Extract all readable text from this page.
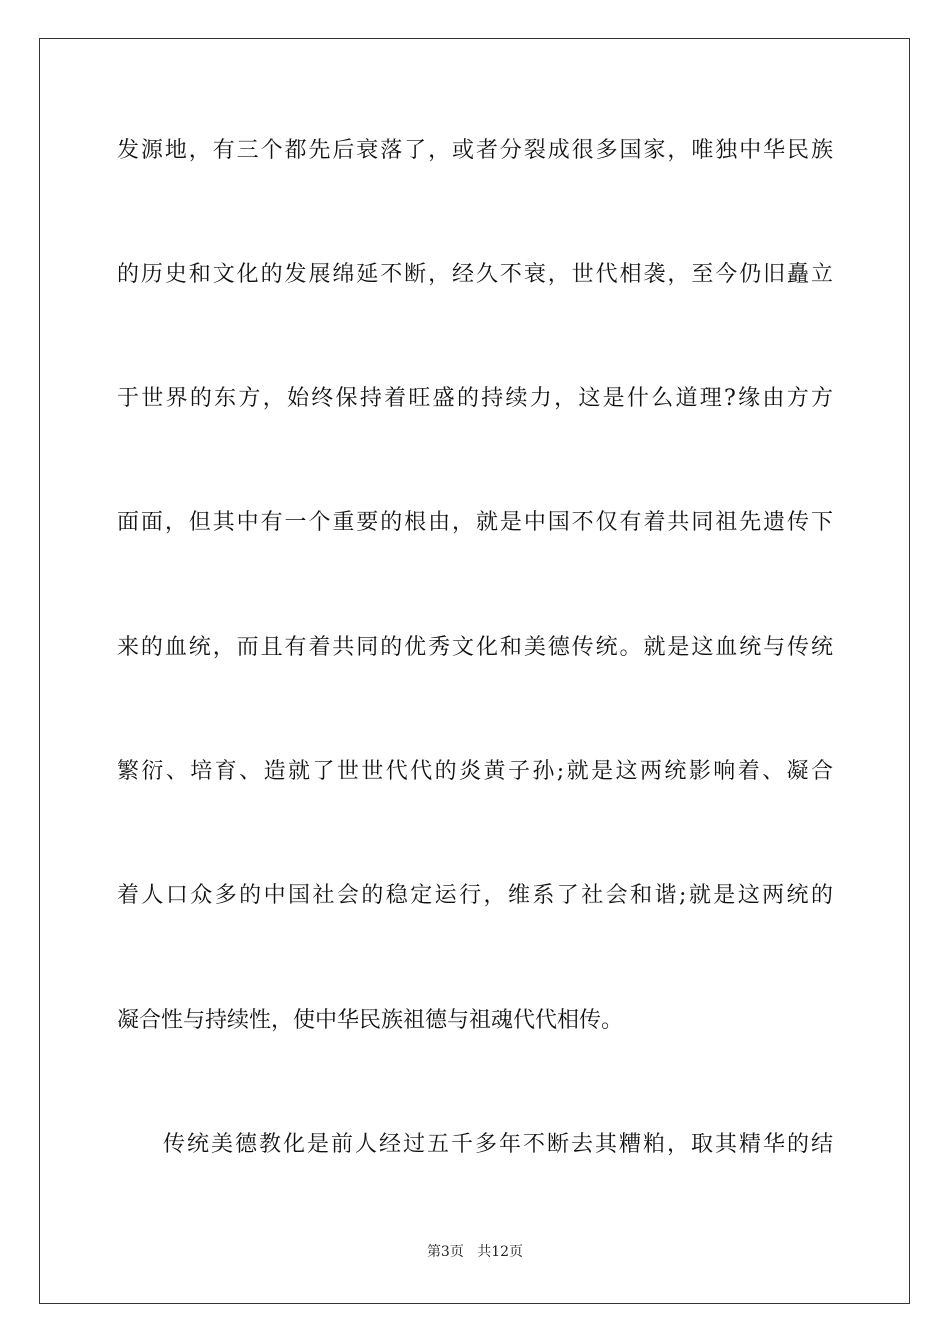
发源地，有三个都先后衰落了，或者分裂成很多国家，唯独中华民族
的历史和文化的发展绵延不断，经久不衰，世代相袭，至今仍旧矗立
于世界的东方，始终保持着旺盛的持续力，这是什么道理?缘由方方
面面，但其中有一个重要的根由，就是中国不仅有着共同祖先遗传下
来的血统，而且有着共同的优秀文化和美德传统。就是这血统与传统
繁衍、培育、造就了世世代代的炎黄子孙;就是这两统影响着、凝合
着人口众多的中国社会的稳定运行，维系了社会和谐;就是这两统的
凝合性与持续性，使中华民族祖德与祖魂代代相传。
传统美德教化是前人经过五千多年不断去其糟粕，取其精华的结
第3页 共12页
